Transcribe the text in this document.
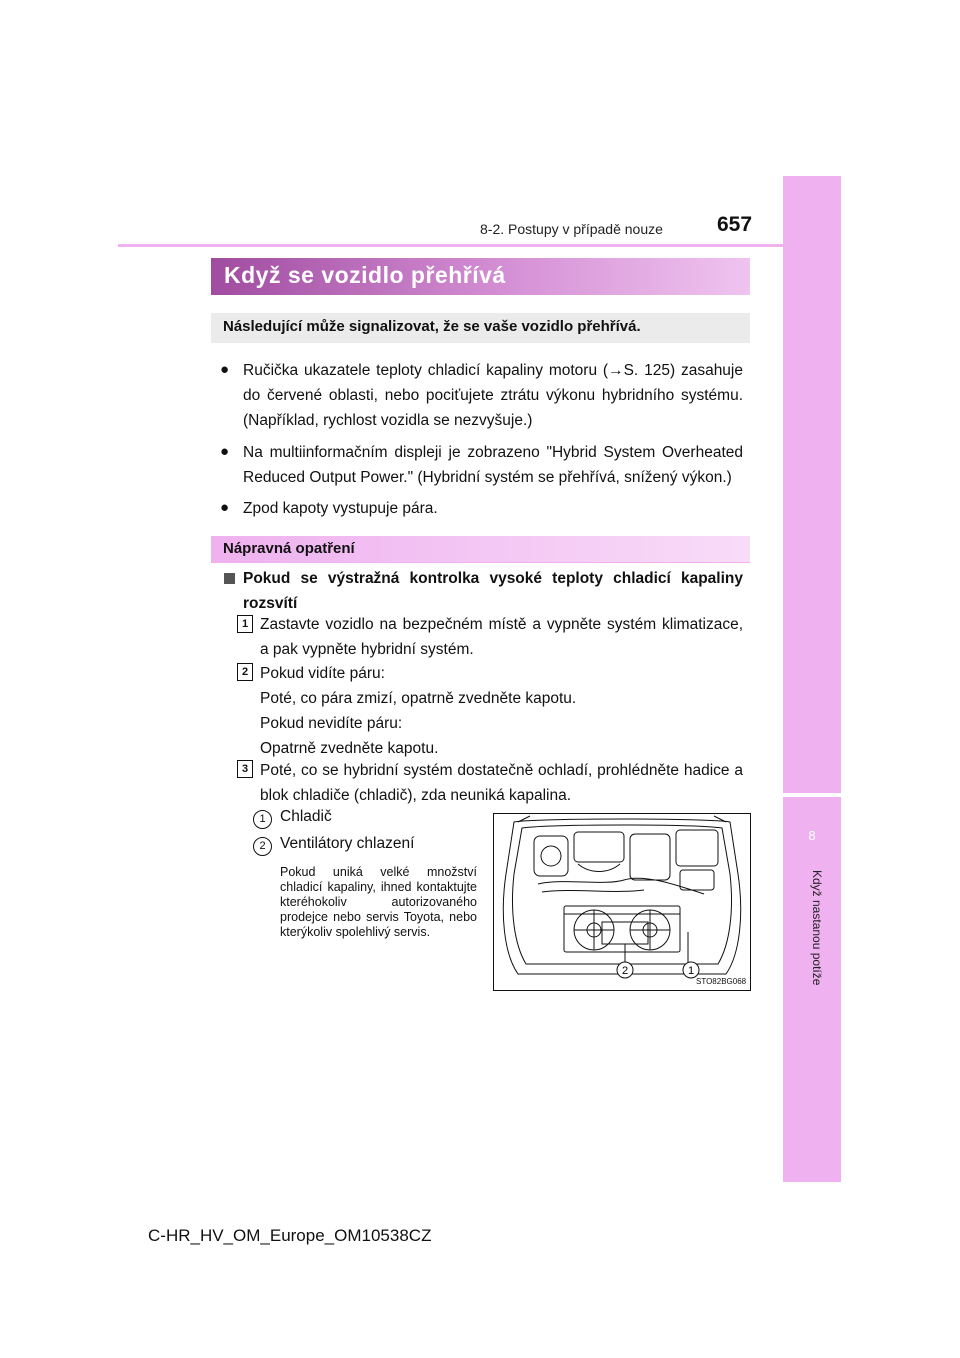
8
Když nastanou potíže
8-2. Postupy v případě nouze	657
Když se vozidlo přehřívá
Následující může signalizovat, že se vaše vozidlo přehřívá.
● Ručička ukazatele teploty chladicí kapaliny motoru (→S. 125) zasahuje do červené oblasti, nebo pociťujete ztrátu výkonu hybridního systému. (Například, rychlost vozidla se nezvyšuje.)
● Na multiinformačním displeji je zobrazeno "Hybrid System Overheated Reduced Output Power." (Hybridní systém se přehřívá, snížený výkon.)
● Zpod kapoty vystupuje pára.
Nápravná opatření
Pokud se výstražná kontrolka vysoké teploty chladicí kapaliny rozsvítí
1 Zastavte vozidlo na bezpečném místě a vypněte systém klimatizace, a pak vypněte hybridní systém.
2 Pokud vidíte páru:
Poté, co pára zmizí, opatrně zvedněte kapotu.
Pokud nevidíte páru:
Opatrně zvedněte kapotu.
3 Poté, co se hybridní systém dostatečně ochladí, prohlédněte hadice a blok chladiče (chladič), zda neuniká kapalina.
1 Chladič
2 Ventilátory chlazení
Pokud uniká velké množství chladicí kapaliny, ihned kontaktujte kteréhokoliv autorizovaného prodejce nebo servis Toyota, nebo kterýkoliv spolehlivý servis.
2	1
STO82BG068
C-HR_HV_OM_Europe_OM10538CZ
